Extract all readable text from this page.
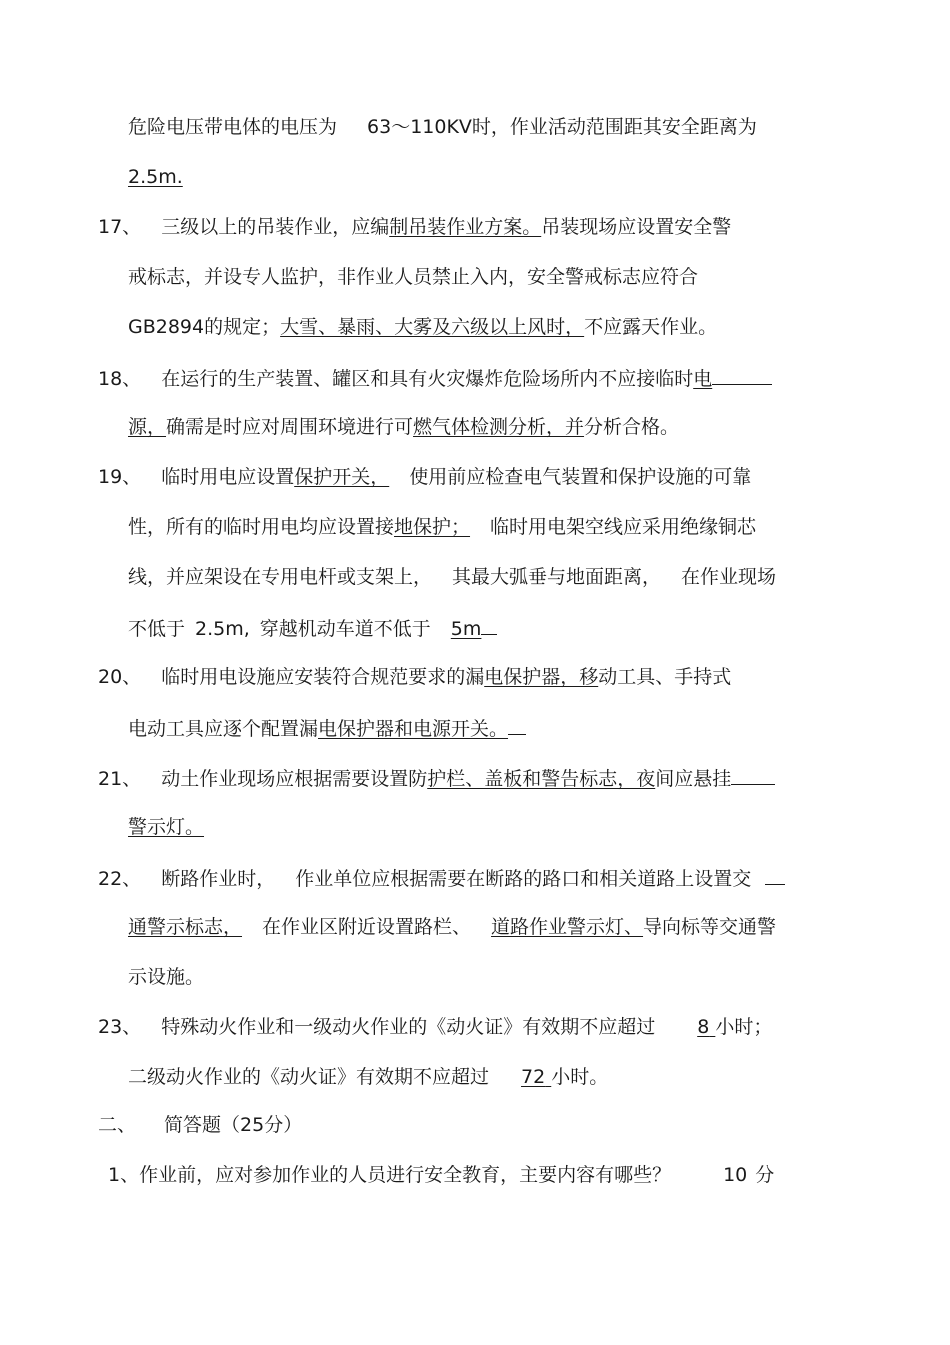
危险电压带电体的电压为 63～110KV时，作业活动范围距其安全距离为
2.5m.
17、 三级以上的吊装作业，应编制吊装作业方案。吊装现场应设置安全警
戒标志，并设专人监护，非作业人员禁止入内，安全警戒标志应符合
GB2894的规定；大雪、暴雨、大雾及六级以上风时，不应露天作业。
18、 在运行的生产装置、罐区和具有火灾爆炸危险场所内不应接临时电
源，确需是时应对周围环境进行可燃气体检测分析，并分析合格。
19、 临时用电应设置保护开关， 使用前应检查电气装置和保护设施的可靠
性，所有的临时用电均应设置接地保护； 临时用电架空线应采用绝缘铜芯
线，并应架设在专用电杆或支架上， 其最大弧垂与地面距离， 在作业现场
不低于 2.5m, 穿越机动车道不低于 5m
20、 临时用电设施应安装符合规范要求的漏电保护器，移动工具、手持式
电动工具应逐个配置漏电保护器和电源开关。
21、 动土作业现场应根据需要设置防护栏、盖板和警告标志，夜间应悬挂
警示灯。
22、 断路作业时， 作业单位应根据需要在断路的路口和相关道路上设置交
通警示标志， 在作业区附近设置路栏、 道路作业警示灯、导向标等交通警
示设施。
23、 特殊动火作业和一级动火作业的《动火证》有效期不应超过 8 小时；
二级动火作业的《动火证》有效期不应超过 72 小时。
二、 简答题（25分）
1、作业前，应对参加作业的人员进行安全教育，主要内容有哪些？	10 分
